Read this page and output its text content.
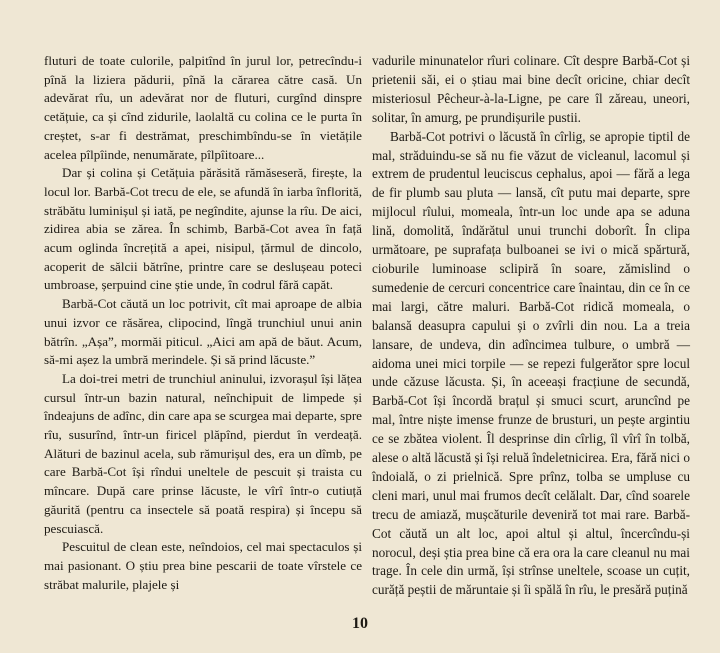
fluturi de toate culorile, palpitînd în jurul lor, petrecîndu-i pînă la liziera pădurii, pînă la cărarea către casă. Un adevărat rîu, un adevărat nor de fluturi, curgînd dinspre cetățuie, ca și cînd zidurile, laolaltă cu colina ce le purta în creștet, s-ar fi destrămat, preschimbîndu-se în vietățile acelea pîlpîinde, nenumărate, pîlpîitoare...

Dar și colina și Cetățuia părăsită rămăseseră, firește, la locul lor. Barbă-Cot trecu de ele, se afundă în iarba înflorită, străbătu luminișul și iată, pe negîndite, ajunse la rîu. De aici, zidirea abia se zărea. În schimb, Barbă-Cot avea în față acum oglinda încrețită a apei, nisipul, țărmul de dincolo, acoperit de sălcii bătrîne, printre care se deslușeau poteci umbroase, șerpuind cine știe unde, în codrul fără capăt.

Barbă-Cot căută un loc potrivit, cît mai aproape de albia unui izvor ce răsărea, clipocind, lîngă trunchiul unui anin bătrîn. „Așa”, mormăi piticul. „Aici am apă de băut. Acum, să-mi așez la umbră merindele. Și să prind lăcuste.”

La doi-trei metri de trunchiul aninului, izvorașul își lățea cursul într-un bazin natural, neînchipuit de limpede și îndeajuns de adînc, din care apa se scurgea mai departe, spre rîu, susurînd, într-un firicel plăpînd, pierdut în verdeață. Alături de bazinul acela, sub rămurișul des, era un dîmb, pe care Barbă-Cot își rîndui uneltele de pescuit și traista cu mîncare. După care prinse lăcuste, le vîrî într-o cutiuță găurită (pentru ca insectele să poată respira) și începu să pescuiască.

Pescuitul de clean este, neîndoios, cel mai spectaculos și mai pasionant. O știu prea bine pescarii de toate vîrstele ce străbat malurile, plajele și

vadurile minunatelor rîuri colinare. Cît despre Barbă-Cot și prietenii săi, ei o știau mai bine decît oricine, chiar decît misteriosul Pêcheur-à-la-Ligne, pe care îl zăreau, uneori, solitar, în amurg, pe prundișurile pustii.

Barbă-Cot potrivi o lăcustă în cîrlig, se apropie tiptil de mal, străduindu-se să nu fie văzut de vicleanul, lacomul și extrem de prudentul leuciscus cephalus, apoi — fără a lega de fir plumb sau pluta — lansă, cît putu mai departe, spre mijlocul rîului, momeala, într-un loc unde apa se aduna lină, domolită, îndărătul unui trunchi doborît. În clipa următoare, pe suprafața bulboanei se ivi o mică spărtură, cioburile luminoase sclipiră în soare, zămislind o sumedenie de cercuri concentrice care înaintau, din ce în ce mai largi, către maluri. Barbă-Cot ridică momeala, o balansă deasupra capului și o zvîrli din nou. La a treia lansare, de undeva, din adîncimea tulbure, o umbră — aidoma unei mici torpile — se repezi fulgerător spre locul unde căzuse lăcusta. Și, în aceeași fracțiune de secundă, Barbă-Cot își încordă brațul și smuci scurt, aruncînd pe mal, între niște imense frunze de brusturi, un pește argintiu ce se zbătea violent. Îl desprinse din cîrlig, îl vîrî în tolbă, alese o altă lăcustă și își reluă îndeletnicirea. Era, fără nici o îndoială, o zi prielnică. Spre prînz, tolba se umpluse cu cleni mari, unul mai frumos decît celălalt. Dar, cînd soarele trecu de amiază, mușcăturile deveniră tot mai rare. Barbă-Cot căută un alt loc, apoi altul și altul, încercîndu-și norocul, deși știa prea bine că era ora la care cleanul nu mai trage. În cele din urmă, își strînse uneltele, scoase un cuțit, curăță peștii de măruntaie și îi spălă în rîu, le presără puțină

10
